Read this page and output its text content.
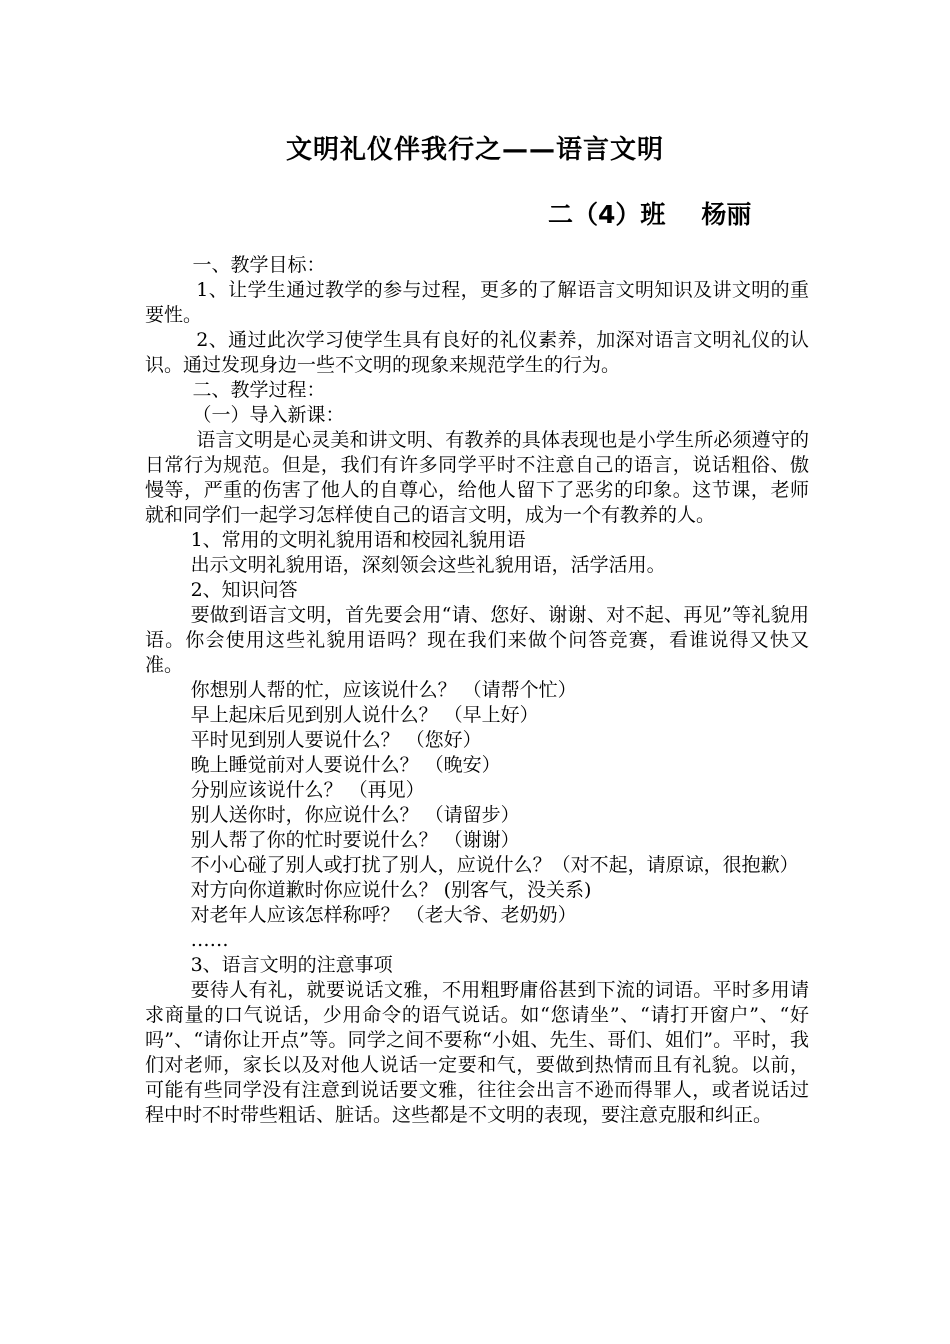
文明礼仪伴我行之——语言文明
二（4）班 杨丽

一、教学目标：

1、让学生通过教学的参与过程，更多的了解语言文明知识及讲文明的重要性。

2、通过此次学习使学生具有良好的礼仪素养，加深对语言文明礼仪的认识。通过发现身边一些不文明的现象来规范学生的行为。

二、教学过程：

（一）导入新课：

语言文明是心灵美和讲文明、有教养的具体表现也是小学生所必须遵守的日常行为规范。但是，我们有许多同学平时不注意自己的语言，说话粗俗、傲慢等，严重的伤害了他人的自尊心，给他人留下了恶劣的印象。这节课，老师就和同学们一起学习怎样使自己的语言文明，成为一个有教养的人。

1、常用的文明礼貌用语和校园礼貌用语

出示文明礼貌用语，深刻领会这些礼貌用语，活学活用。

2、知识问答

要做到语言文明，首先要会用“请、您好、谢谢、对不起、再见”等礼貌用语。你会使用这些礼貌用语吗？现在我们来做个问答竞赛，看谁说得又快又准。

你想别人帮的忙，应该说什么？ （请帮个忙）

早上起床后见到别人说什么？ （早上好）

平时见到别人要说什么？ （您好）

晚上睡觉前对人要说什么？ （晚安）

分别应该说什么？ （再见）

别人送你时，你应说什么？ （请留步）

别人帮了你的忙时要说什么？ （谢谢）

不小心碰了别人或打扰了别人，应说什么？（对不起，请原谅，很抱歉）

对方向你道歉时你应说什么？ (别客气，没关系)

对老年人应该怎样称呼？ （老大爷、老奶奶）

……

3、语言文明的注意事项

要待人有礼，就要说话文雅，不用粗野庸俗甚到下流的词语。平时多用请求商量的口气说话，少用命令的语气说话。如“您请坐”、“请打开窗户”、“好吗”、“请你让开点”等。同学之间不要称“小姐、先生、哥们、姐们”。平时，我们对老师，家长以及对他人说话一定要和气，要做到热情而且有礼貌。以前，可能有些同学没有注意到说话要文雅，往往会出言不逊而得罪人，或者说话过程中时不时带些粗话、脏话。这些都是不文明的表现，要注意克服和纠正。
